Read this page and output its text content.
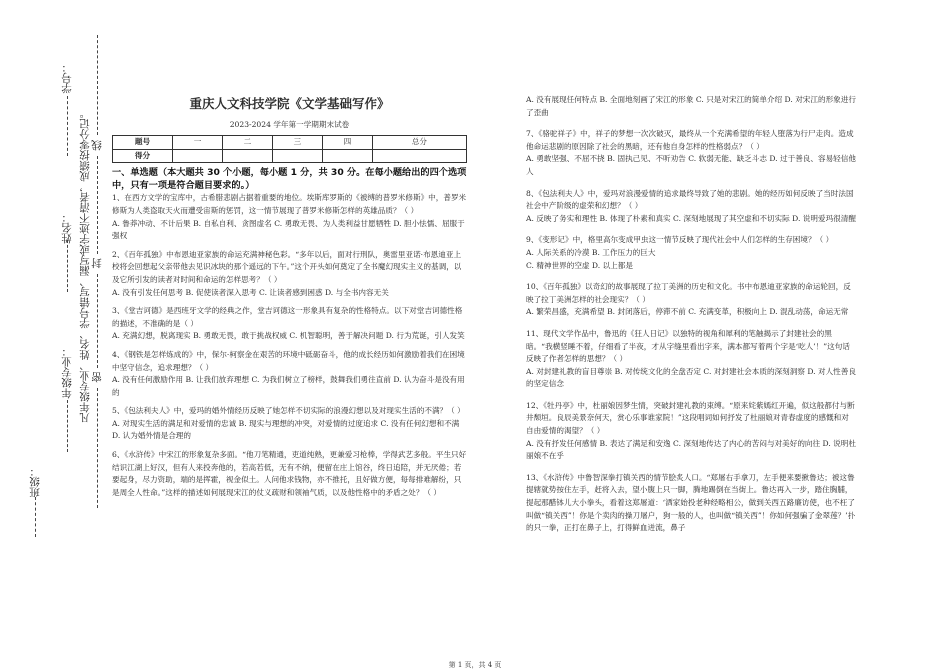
学号：
姓名：
年级专业：
班级：
凡年级专业、姓名、学号错写、漏写或字迹不清者，成绩按零分记。 线
封
密
重庆人文科技学院《文学基础写作》
2023-2024 学年第一学期期末试卷
题号	一	二	三	四	总分
得分					
一、单选题（本大题共 30 个小题，每小题 1 分，共 30 分。在每小题给出的四个选项中，只有一项是符合题目要求的。）

1、在西方文学的宝库中，古希腊悲剧占据着重要的地位。埃斯库罗斯的《被缚的普罗米修斯》中，普罗米修斯为人类盗取天火而遭受宙斯的惩罚，这一情节展现了普罗米修斯怎样的英雄品质？（ ）

A. 鲁莽冲动、不计后果 B. 自私自利、贪图虚名 C. 勇敢无畏、为人类利益甘愿牺牲 D. 胆小怯懦、屈服于强权

2、《百年孤独》中布恩迪亚家族的命运充满神秘色彩。“多年以后，面对行刑队，奥雷里亚诺·布恩迪亚上校将会回想起父亲带他去见识冰块的那个遥远的下午。”这个开头如何奠定了全书魔幻现实主义的基调，以及它所引发的读者对时间和命运的怎样思考？（ ）

A. 没有引发任何思考 B. 促使读者深入思考 C. 让读者感到困惑 D. 与全书内容无关

3、《堂吉诃德》是西班牙文学的经典之作，堂吉诃德这一形象具有复杂的性格特点。以下对堂吉诃德性格的描述，不准确的是（ ）

A. 充满幻想，脱离现实 B. 勇敢无畏，敢于挑战权威 C. 机智聪明，善于解决问题 D. 行为荒诞，引人发笑

4、《钢铁是怎样炼成的》中，保尔·柯察金在艰苦的环境中砥砺奋斗，他的成长经历如何激励着我们在困境中坚守信念，追求理想？（ ）

A. 没有任何激励作用 B. 让我们放弃理想 C. 为我们树立了榜样，鼓舞我们勇往直前 D. 认为奋斗是没有用的

5、《包法利夫人》中，爱玛的婚外情经历反映了她怎样不切实际的浪漫幻想以及对现实生活的不满？（ ）

A. 对现实生活的满足和对爱情的忠诚 B. 现实与理想的冲突，对爱情的过度追求 C. 没有任何幻想和不满 D. 认为婚外情是合理的

6、《水浒传》中宋江的形象复杂多面。“他刀笔精通，吏道纯熟，更兼爱习枪棒，学得武艺多般。平生只好结识江湖上好汉，但有人来投奔他的，若高若低，无有不纳，便留在庄上馆谷，终日追陪，并无厌倦；若要起身，尽力资助，端的是挥霍，视金似土。人问他求钱物，亦不推托，且好做方便，每每排难解纷，只是周全人性命。”这样的描述如何展现宋江的仗义疏财和领袖气质，以及他性格中的矛盾之处？（ ）

A. 没有展现任何特点 B. 全面地刻画了宋江的形象 C. 只是对宋江的简单介绍 D. 对宋江的形象进行了歪曲

7、《骆驼祥子》中，祥子的梦想一次次破灭，最终从一个充满希望的年轻人堕落为行尸走肉。造成他命运悲剧的原因除了社会的黑暗，还有他自身怎样的性格弱点？（ ）

A. 勇敢坚强、不屈不挠 B. 固执己见、不听劝告 C. 软弱无能、缺乏斗志 D. 过于善良、容易轻信他人

8、《包法利夫人》中，爱玛对浪漫爱情的追求最终导致了她的悲剧。她的经历如何反映了当时法国社会中产阶级的虚荣和幻想？（ ）

A. 反映了务实和理性 B. 体现了朴素和真实 C. 深刻地展现了其空虚和不切实际 D. 说明爱玛很清醒

9、《变形记》中，格里高尔变成甲虫这一情节反映了现代社会中人们怎样的生存困境？（ ）

A. 人际关系的冷漠 B. 工作压力的巨大

C. 精神世界的空虚 D. 以上都是

10、《百年孤独》以奇幻的故事展现了拉丁美洲的历史和文化。书中布恩迪亚家族的命运轮回，反映了拉丁美洲怎样的社会现实？（ ）

A. 繁荣昌盛，充满希望 B. 封闭落后，停滞不前 C. 充满变革，积极向上 D. 混乱动荡，命运无常

11、现代文学作品中，鲁迅的《狂人日记》以独特的视角和犀利的笔触揭示了封建社会的黑暗。“我横竖睡不着，仔细看了半夜，才从字缝里看出字来，满本都写着两个字是‘吃人’！”这句话反映了作者怎样的思想？（ ）

A. 对封建礼教的盲目尊崇 B. 对传统文化的全盘否定 C. 对封建社会本质的深刻洞察 D. 对人性善良的坚定信念

12、《牡丹亭》中，杜丽娘因梦生情，突破封建礼教的束缚。“原来姹紫嫣红开遍，似这般都付与断井颓垣。良辰美景奈何天，赏心乐事谁家院！”这段唱词如何抒发了杜丽娘对青春虚度的感慨和对自由爱情的渴望？（ ）

A. 没有抒发任何感情 B. 表达了满足和安逸 C. 深刻地传达了内心的苦闷与对美好的向往 D. 说明杜丽娘不在乎

13、《水浒传》中鲁智深拳打镇关西的情节脍炙人口。“郑屠右手拿刀，左手便来要揪鲁达；被这鲁提辖就势按住左手，赶将入去，望小腹上只一脚，腾地踢倒在当街上。鲁达再入一步，踏住胸脯，提起那醋钵儿大小拳头，看着这郑屠道：‘洒家始投老种经略相公，做到关西五路廉访使，也不枉了叫做“镇关西”！你是个卖肉的操刀屠户，狗一般的人，也叫做“镇关西”！你如何强骗了金翠莲？’扑的只一拳，正打在鼻子上，打得鲜血迸流，鼻子

第 1 页，共 4 页
